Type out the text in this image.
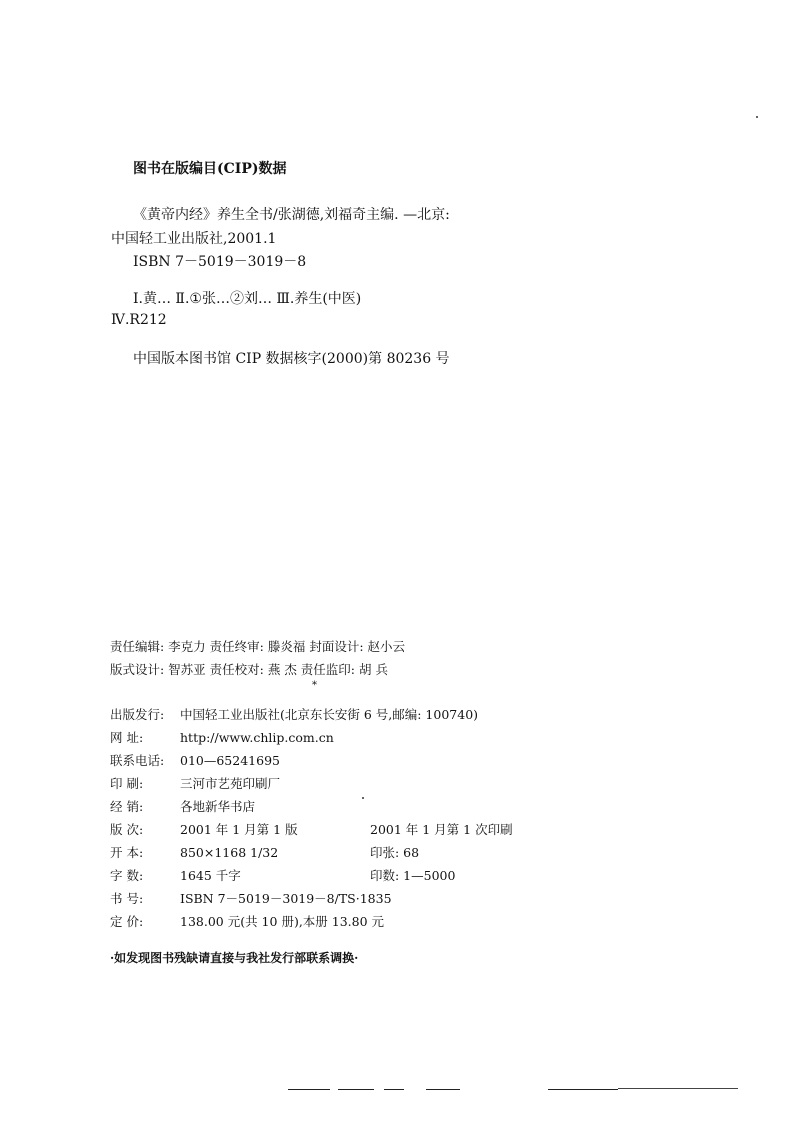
图书在版编目(CIP)数据
《黄帝内经》养生全书/张湖德,刘福奇主编. —北京:
中国轻工业出版社,2001.1
ISBN 7－5019－3019－8
Ⅰ.黄… Ⅱ.①张…②刘… Ⅲ.养生(中医)
Ⅳ.R212
中国版本图书馆 CIP 数据核字(2000)第 80236 号
责任编辑: 李克力 责任终审: 滕炎福 封面设计: 赵小云
版式设计: 智苏亚 责任校对: 燕 杰 责任监印: 胡 兵
*
出版发行: 中国轻工业出版社(北京东长安街 6 号,邮编: 100740)
网 址:	http://www.chlip.com.cn
联系电话: 010—65241695
印 刷:	三河市艺苑印刷厂
经 销:	各地新华书店
版 次:	2001 年 1 月第 1 版	2001 年 1 月第 1 次印刷
开 本:	850×1168 1/32	印张: 68
字 数:	1645 千字	印数: 1—5000
书 号:	ISBN 7－5019－3019－8/TS·1835
定 价:	138.00 元(共 10 册),本册 13.80 元
·如发现图书残缺请直接与我社发行部联系调换·
